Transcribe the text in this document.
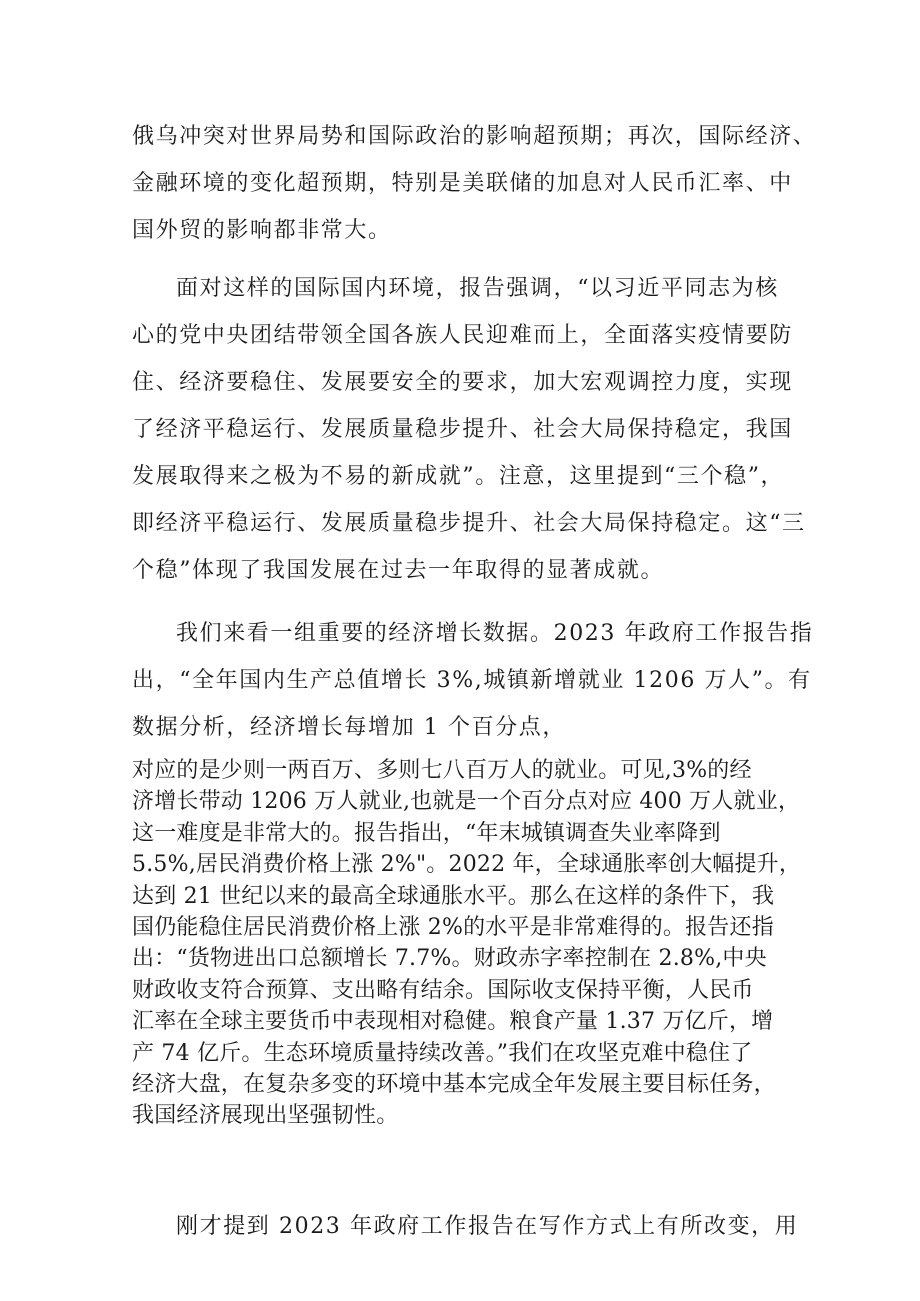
俄乌冲突对世界局势和国际政治的影响超预期；再次，国际经济、
金融环境的变化超预期，特别是美联储的加息对人民币汇率、中
国外贸的影响都非常大。

面对这样的国际国内环境，报告强调，“以习近平同志为核
心的党中央团结带领全国各族人民迎难而上，全面落实疫情要防
住、经济要稳住、发展要安全的要求，加大宏观调控力度，实现
了经济平稳运行、发展质量稳步提升、社会大局保持稳定，我国
发展取得来之极为不易的新成就”。注意，这里提到“三个稳”，
即经济平稳运行、发展质量稳步提升、社会大局保持稳定。这“三
个稳”体现了我国发展在过去一年取得的显著成就。

我们来看一组重要的经济增长数据。2023 年政府工作报告指
出，“全年国内生产总值增长 3%,城镇新增就业 1206 万人”。有
数据分析，经济增长每增加 1 个百分点，

对应的是少则一两百万、多则七八百万人的就业。可见,3%的经
济增长带动 1206 万人就业,也就是一个百分点对应 400 万人就业，
这一难度是非常大的。报告指出，“年末城镇调查失业率降到
5.5%,居民消费价格上涨 2%"。2022 年，全球通胀率创大幅提升，
达到 21 世纪以来的最高全球通胀水平。那么在这样的条件下，我
国仍能稳住居民消费价格上涨 2%的水平是非常难得的。报告还指
出：“货物进出口总额增长 7.7%。财政赤字率控制在 2.8%,中央
财政收支符合预算、支出略有结余。国际收支保持平衡，人民币
汇率在全球主要货币中表现相对稳健。粮食产量 1.37 万亿斤，增
产 74 亿斤。生态环境质量持续改善。”我们在攻坚克难中稳住了
经济大盘，在复杂多变的环境中基本完成全年发展主要目标任务，
我国经济展现出坚强韧性。

刚才提到 2023 年政府工作报告在写作方式上有所改变，用
